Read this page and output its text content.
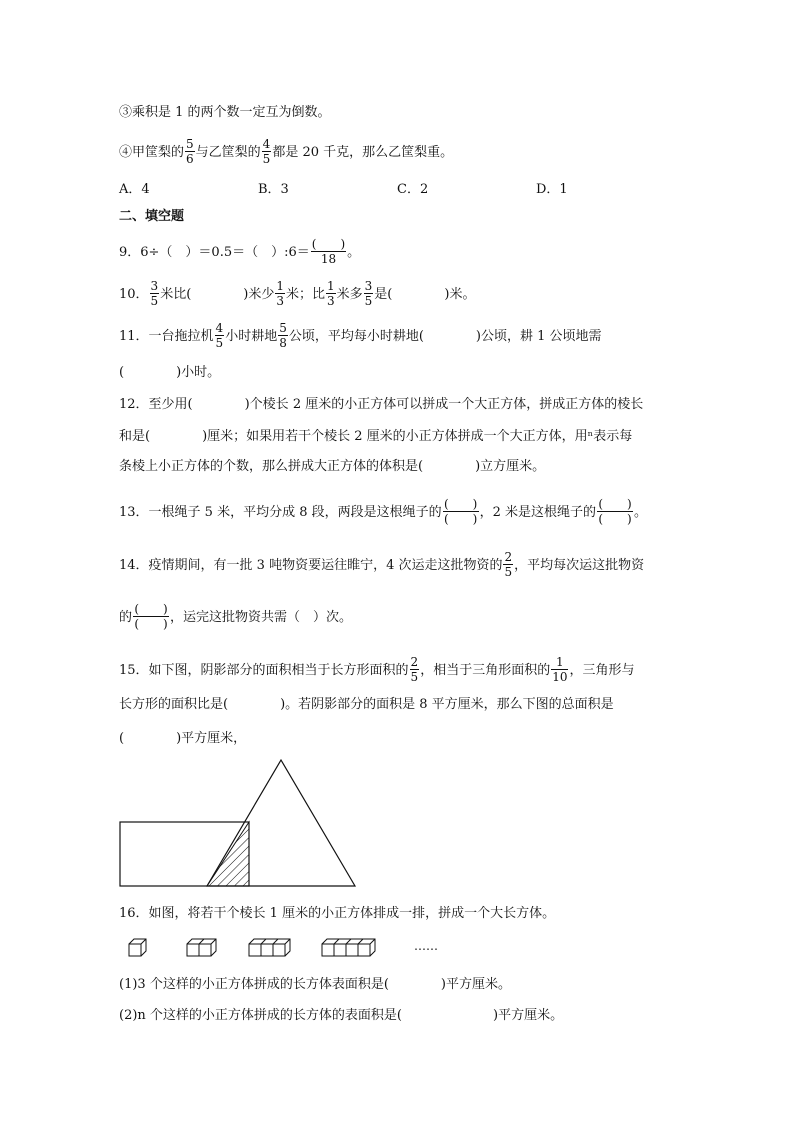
③乘积是 1 的两个数一定互为倒数。
④甲筐梨的 $\frac{5}{6}$ 与乙筐梨的 $\frac{4}{5}$ 都是 20 千克，那么乙筐梨重。
A．4	B．3	C．2	D．1
二、填空题
9．6÷（　）＝0.5＝（　）:6＝ $\frac{( )}{18}$ 。
10． $\frac{3}{5}$ 米比(　　　　)米少 $\frac{1}{3}$ 米；比 $\frac{1}{3}$ 米多 $\frac{3}{5}$ 是(　　　　)米。
11．一台拖拉机 $\frac{4}{5}$ 小时耕地 $\frac{5}{8}$ 公顷，平均每小时耕地(　　　　)公顷，耕 1 公顷地需
(　　　　)小时。
12．至少用(　　　　)个棱长 2 厘米的小正方体可以拼成一个大正方体，拼成正方体的棱长
和是(　　　　)厘米；如果用若干个棱长 2 厘米的小正方体拼成一个大正方体，用ⁿ表示每
条棱上小正方体的个数，那么拼成大正方体的体积是(　　　　)立方厘米。
13．一根绳子 5 米，平均分成 8 段，两段是这根绳子的 $\frac{( )}{( )}$ ，2 米是这根绳子的 $\frac{( )}{( )}$ 。
14．疫情期间，有一批 3 吨物资要运往睢宁，4 次运走这批物资的 $\frac{2}{5}$ ，平均每次运这批物资
的 $\frac{( )}{( )}$ ，运完这批物资共需（　）次。
15．如下图，阴影部分的面积相当于长方形面积的 $\frac{2}{5}$ ，相当于三角形面积的 $\frac{1}{10}$ ，三角形与
长方形的面积比是(　　　　)。若阴影部分的面积是 8 平方厘米，那么下图的总面积是
(　　　　)平方厘米，
16．如图，将若干个棱长 1 厘米的小正方体排成一排，拼成一个大长方体。
……
(1)3 个这样的小正方体拼成的长方体表面积是(　　　　)平方厘米。
(2)n 个这样的小正方体拼成的长方体的表面积是(　　　　　　　)平方厘米。
